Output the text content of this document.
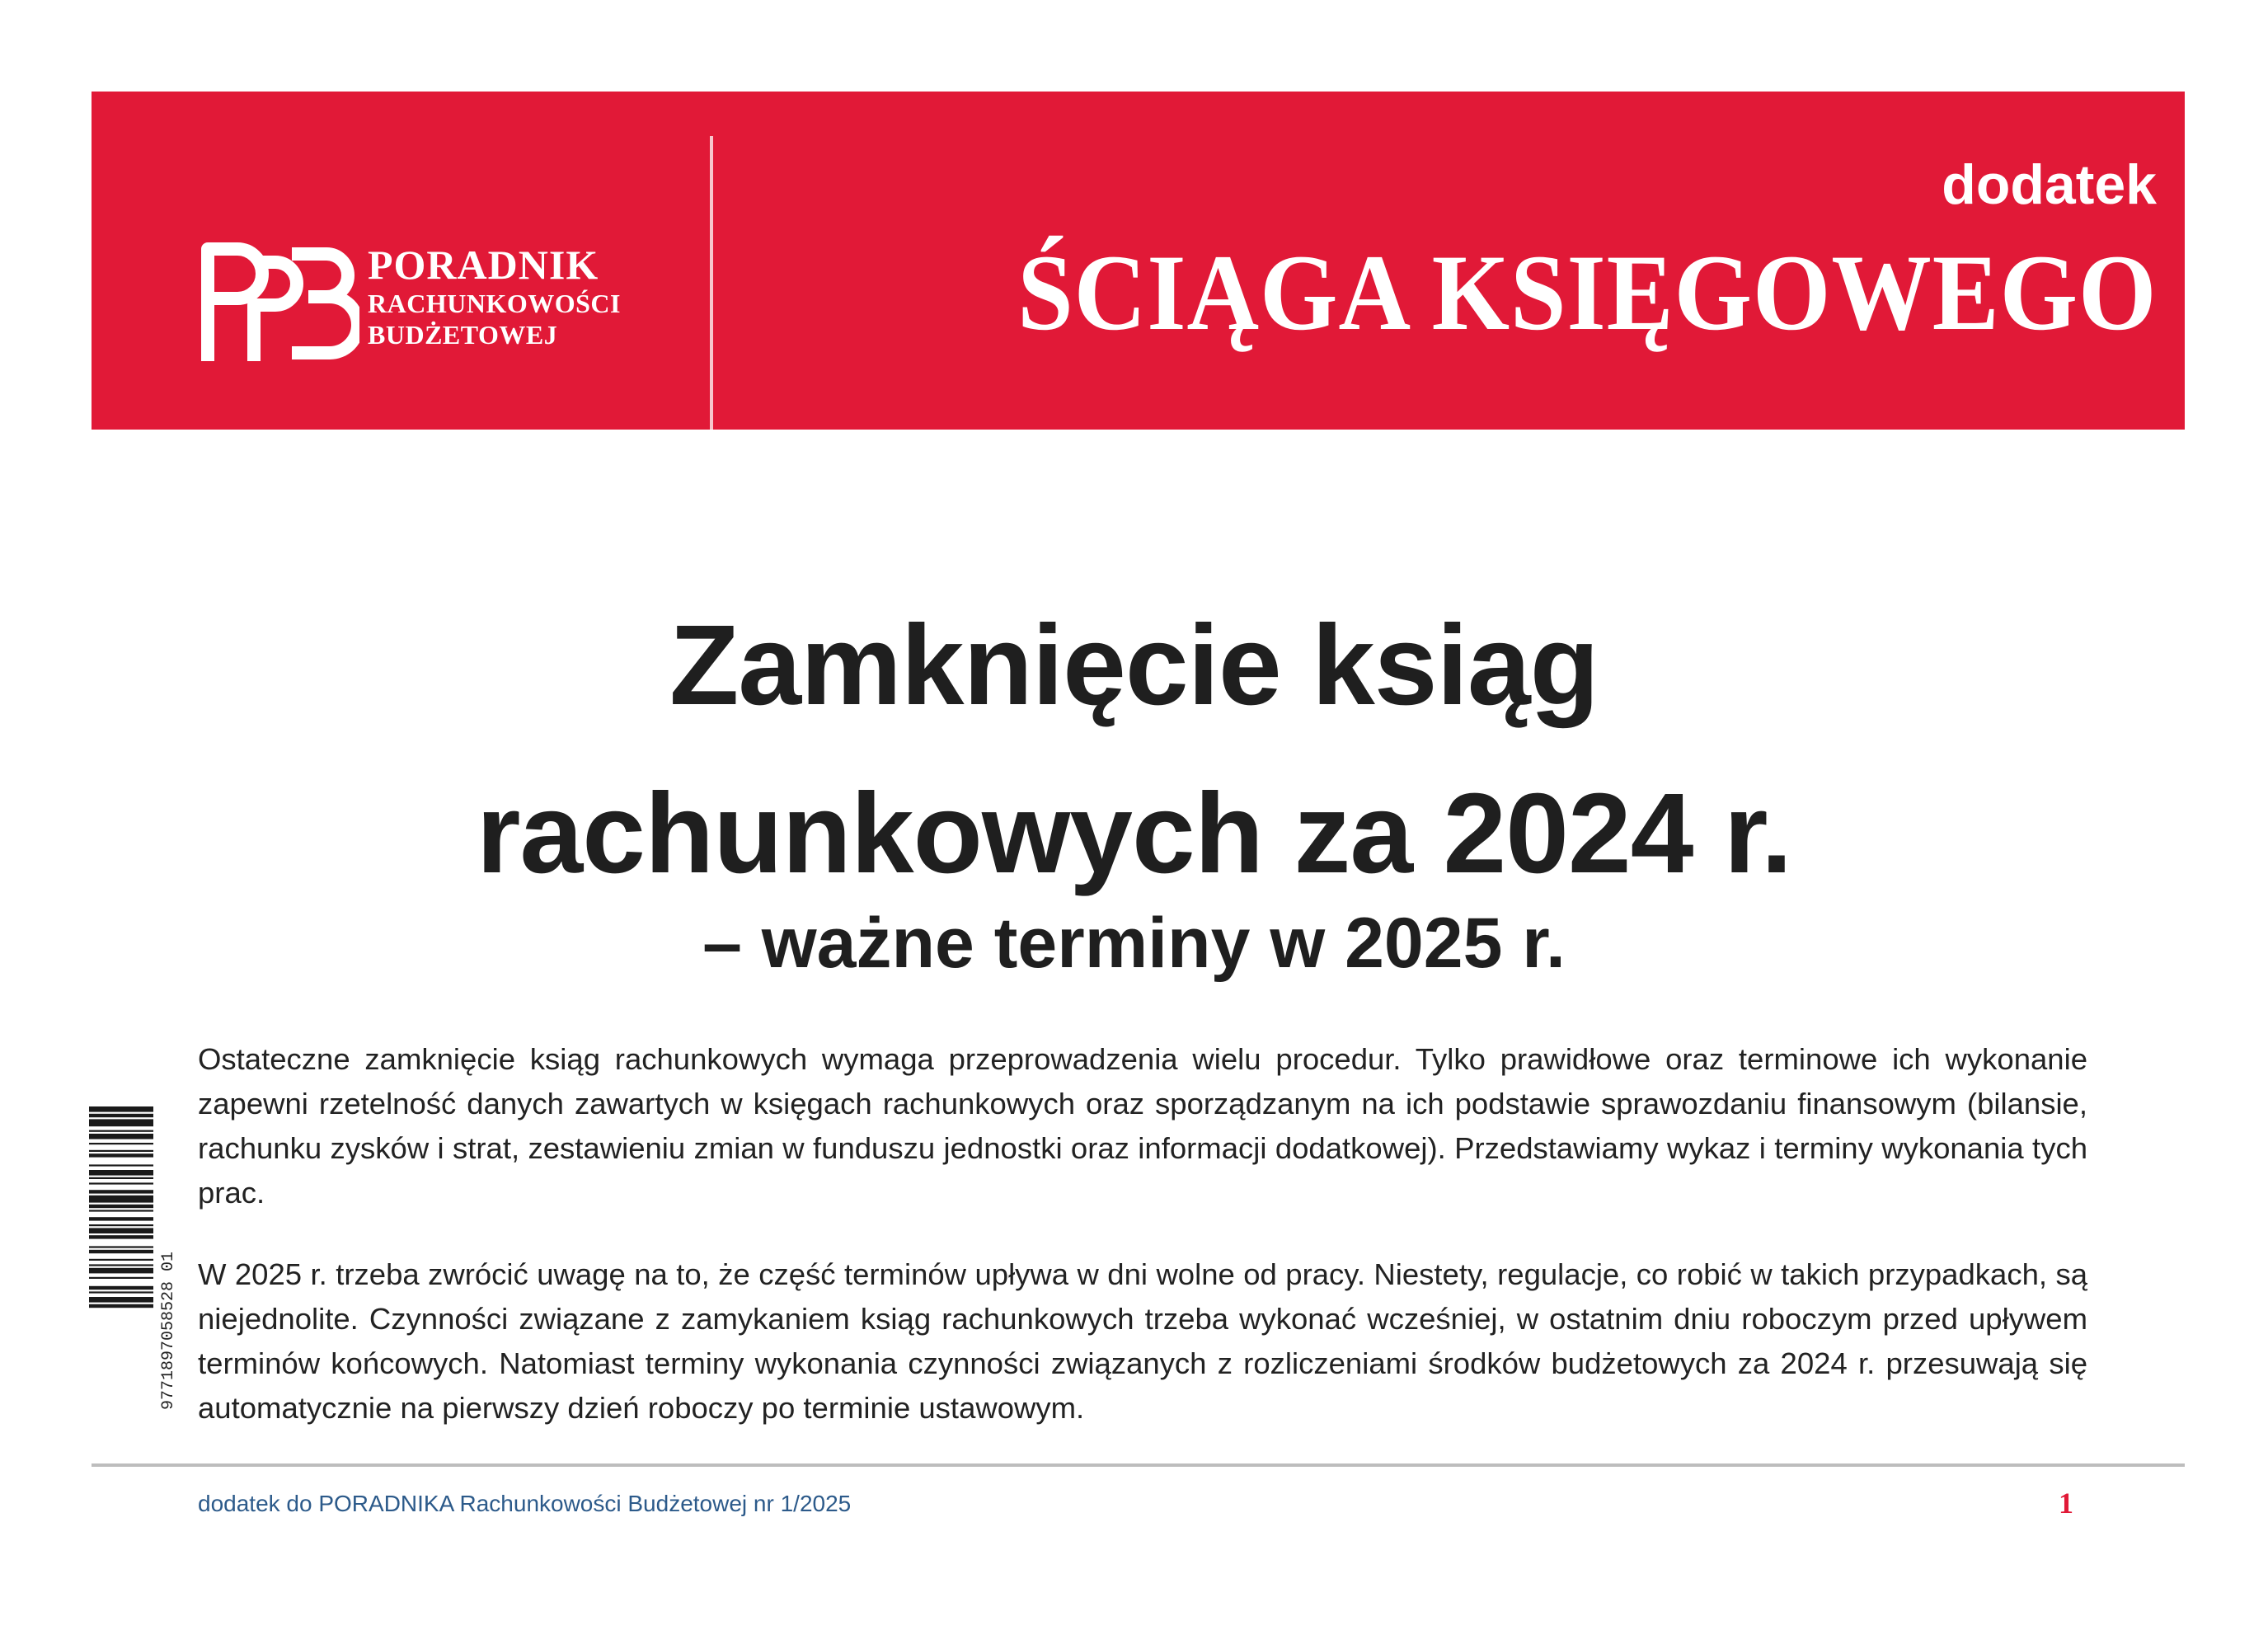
PORADNIK
RACHUNKOWOŚCI
BUDŻETOWEJ
dodatek
ŚCIĄGA KSIĘGOWEGO
Zamknięcie ksiąg
rachunkowych za 2024 r.
– ważne terminy w 2025 r.
9771897058528 01

Ostateczne zamknięcie ksiąg rachunkowych wymaga przeprowadzenia wielu procedur. Tylko prawidłowe oraz terminowe ich wykonanie zapewni rzetelność danych zawartych w księgach rachunkowych oraz sporządzanym na ich podstawie sprawozdaniu finansowym (bilansie, rachunku zysków i strat, zestawieniu zmian w funduszu jednostki oraz informacji dodatkowej). Przedstawiamy wykaz i terminy wykonania tych prac.

W 2025 r. trzeba zwrócić uwagę na to, że część terminów upływa w dni wolne od pracy. Niestety, regulacje, co robić w takich przypadkach, są niejednolite. Czynności związane z zamykaniem ksiąg rachunkowych trzeba wykonać wcześniej, w ostatnim dniu roboczym przed upływem terminów końcowych. Natomiast terminy wykonania czynności związanych z rozliczeniami środków budżetowych za 2024 r. przesuwają się automatycznie na pierwszy dzień roboczy po terminie ustawowym.

dodatek do PORADNIKA Rachunkowości Budżetowej nr 1/2025	1
